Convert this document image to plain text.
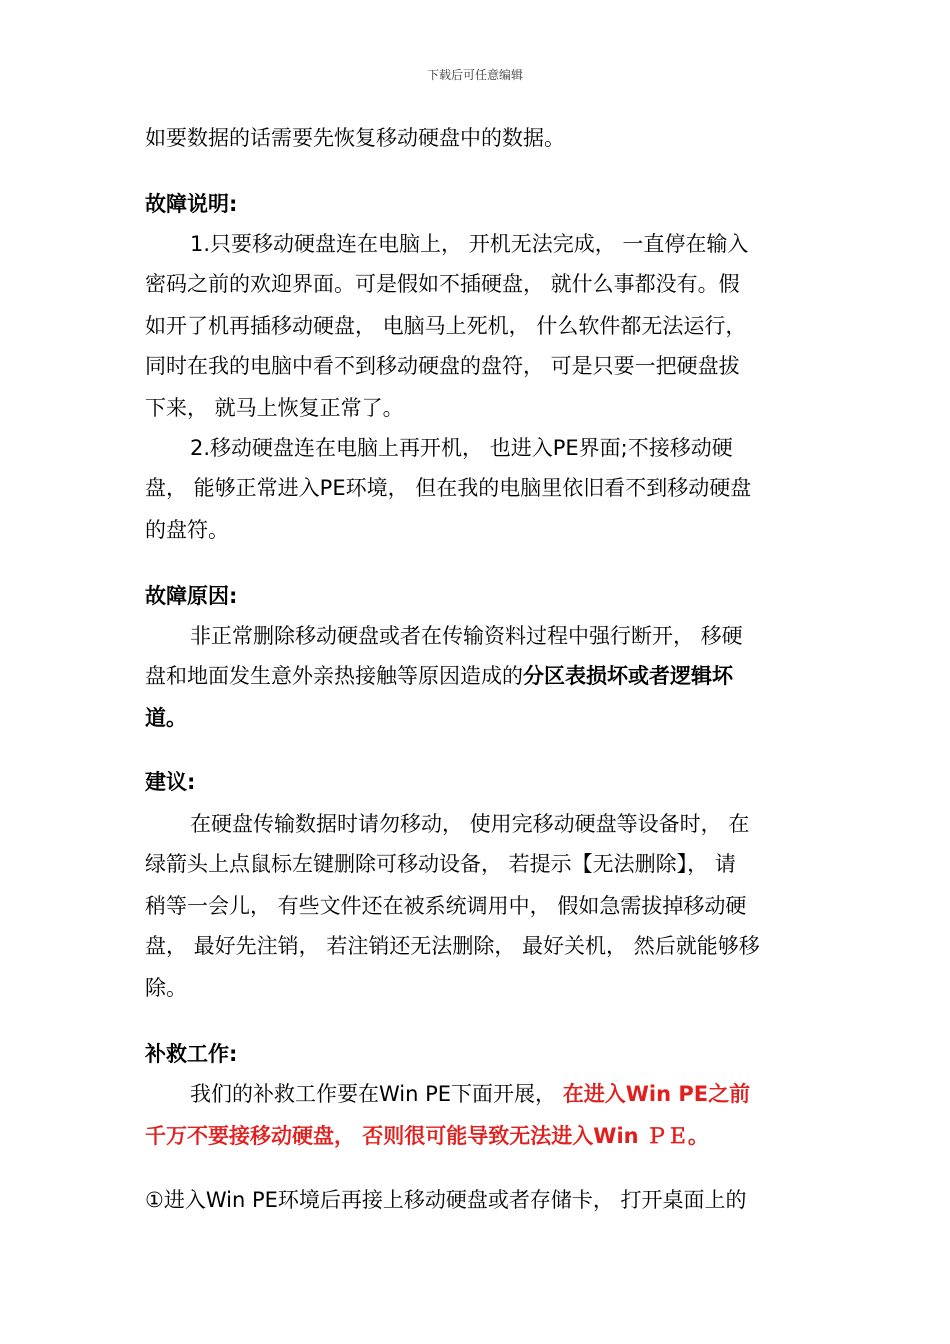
下载后可任意编辑
如要数据的话需要先恢复移动硬盘中的数据。
故障说明:
1.只要移动硬盘连在电脑上， 开机无法完成， 一直停在输入
密码之前的欢迎界面。可是假如不插硬盘， 就什么事都没有。假
如开了机再插移动硬盘， 电脑马上死机， 什么软件都无法运行，
同时在我的电脑中看不到移动硬盘的盘符， 可是只要一把硬盘拔
下来， 就马上恢复正常了。
2.移动硬盘连在电脑上再开机， 也进入PE界面;不接移动硬
盘， 能够正常进入PE环境， 但在我的电脑里依旧看不到移动硬盘
的盘符。
故障原因:
非正常删除移动硬盘或者在传输资料过程中强行断开， 移硬
盘和地面发生意外亲热接触等原因造成的分区表损坏或者逻辑坏
道。
建议:
在硬盘传输数据时请勿移动， 使用完移动硬盘等设备时， 在
绿箭头上点鼠标左键删除可移动设备， 若提示【无法删除】， 请
稍等一会儿， 有些文件还在被系统调用中， 假如急需拔掉移动硬
盘， 最好先注销， 若注销还无法删除， 最好关机， 然后就能够移
除。
补救工作:
我们的补救工作要在Win PE下面开展， 在进入Win PE之前
千万不要接移动硬盘， 否则很可能导致无法进入Win ＰＥ。
①进入Win PE环境后再接上移动硬盘或者存储卡， 打开桌面上的
